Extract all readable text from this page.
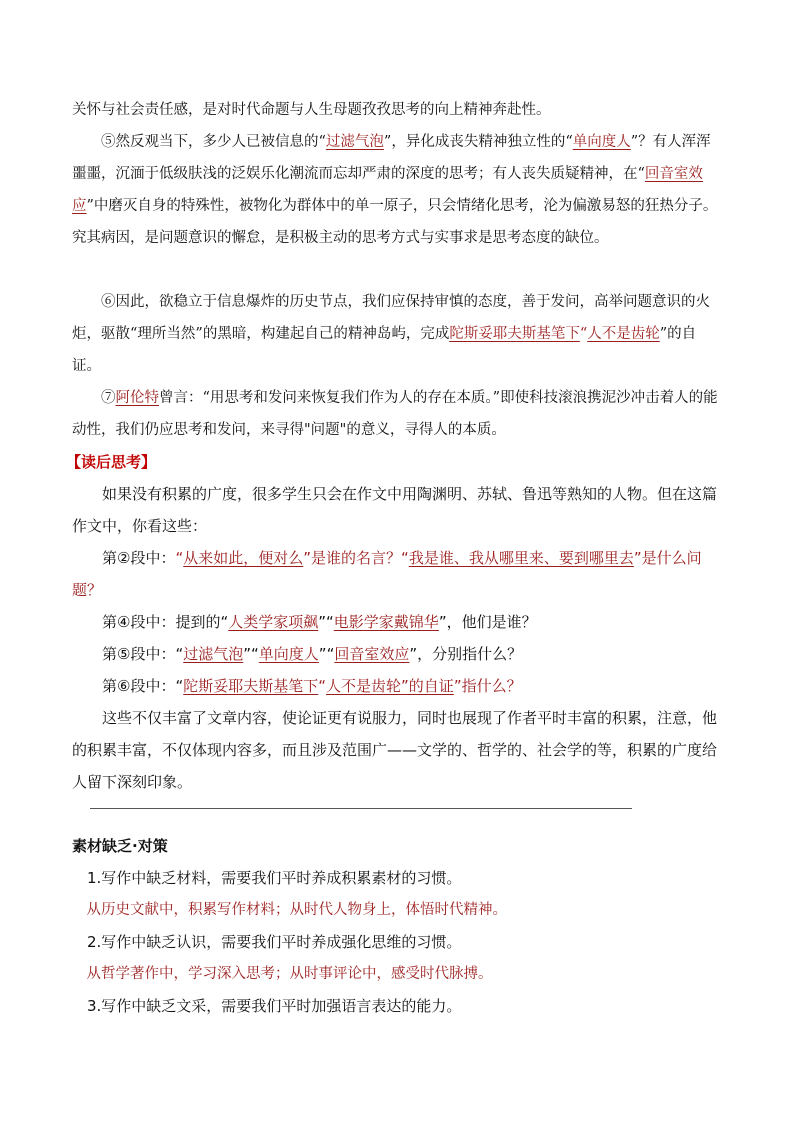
关怀与社会责任感，是对时代命题与人生母题孜孜思考的向上精神奔赴性。

⑤然反观当下，多少人已被信息的“过滤气泡”，异化成丧失精神独立性的“单向度人”？有人浑浑噩噩，沉湎于低级肤浅的泛娱乐化潮流而忘却严肃的深度的思考；有人丧失质疑精神，在“回音室效应”中磨灭自身的特殊性，被物化为群体中的单一原子，只会情绪化思考，沦为偏激易怒的狂热分子。究其病因，是问题意识的懈怠，是积极主动的思考方式与实事求是思考态度的缺位。

⑥因此，欲稳立于信息爆炸的历史节点，我们应保持审慎的态度，善于发问，高举问题意识的火炬，驱散“理所当然”的黑暗，构建起自己的精神岛屿，完成陀斯妥耶夫斯基笔下“人不是齿轮”的自证。

⑦阿伦特曾言：“用思考和发问来恢复我们作为人的存在本质。”即使科技滚浪携泥沙冲击着人的能动性，我们仍应思考和发问，来寻得"问题"的意义，寻得人的本质。

【读后思考】

如果没有积累的广度，很多学生只会在作文中用陶渊明、苏轼、鲁迅等熟知的人物。但在这篇作文中，你看这些：

第②段中：“从来如此，便对么”是谁的名言？“我是谁、我从哪里来、要到哪里去”是什么问题？

第④段中：提到的“人类学家项飙”“电影学家戴锦华”，他们是谁？

第⑤段中：“过滤气泡”“单向度人”“回音室效应”，分别指什么？

第⑥段中：“陀斯妥耶夫斯基笔下“人不是齿轮”的自证”指什么？

这些不仅丰富了文章内容，使论证更有说服力，同时也展现了作者平时丰富的积累，注意，他的积累丰富，不仅体现内容多，而且涉及范围广——文学的、哲学的、社会学的等，积累的广度给人留下深刻印象。

素材缺乏·对策

1.写作中缺乏材料，需要我们平时养成积累素材的习惯。

从历史文献中，积累写作材料；从时代人物身上，体悟时代精神。

2.写作中缺乏认识，需要我们平时养成强化思维的习惯。

从哲学著作中，学习深入思考；从时事评论中，感受时代脉搏。

3.写作中缺乏文采，需要我们平时加强语言表达的能力。
